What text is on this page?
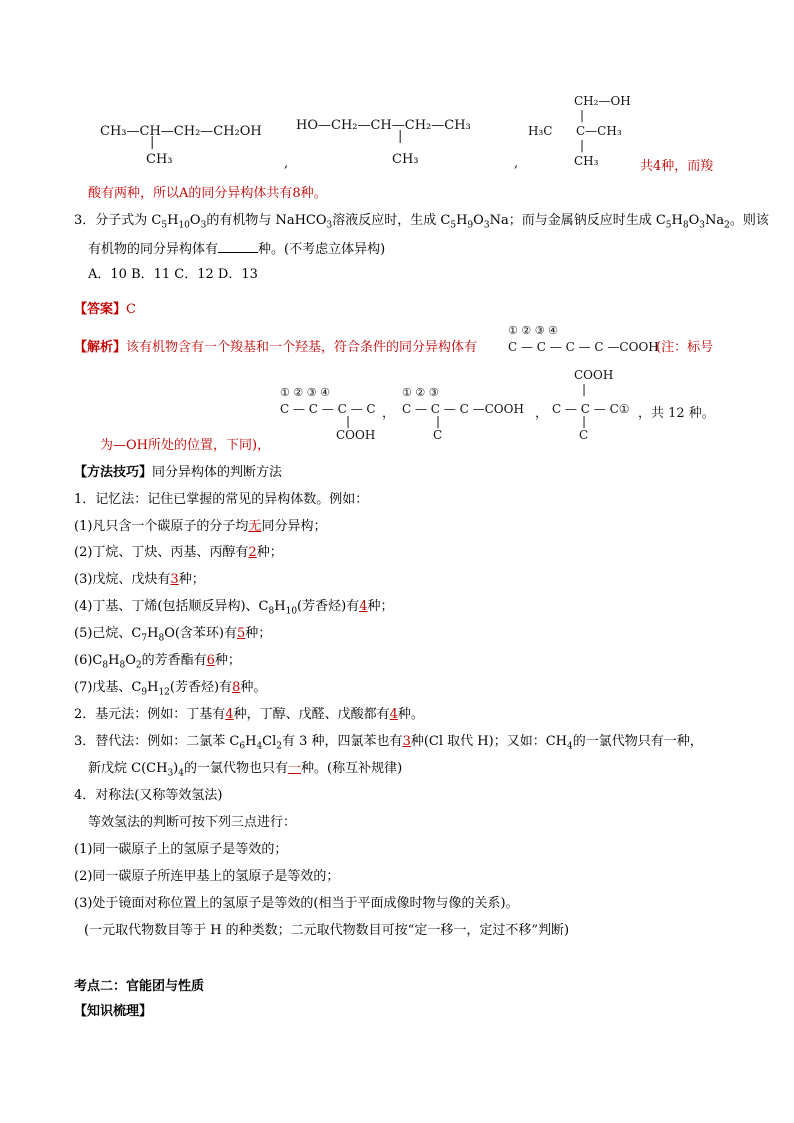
CH₃—CH—CH₂—CH₂OH
|
CH₃	,
HO—CH₂—CH—CH₂—CH₃
|
CH₃	,
CH₂—OH
|
H₃C C—CH₃
|
CH₃	共4种，而羧
酸有两种，所以A的同分异构体共有8种。
3．分子式为 $C_5H_{10}O_3$的有机物与 NaHCO$_3$溶液反应时，生成 $C_5H_9O_3Na$；而与金属钠反应时生成 $C_5H_8O_3Na_2$。则该
有机物的同分异构体有	种。(不考虑立体异构)
A．10 B．11 C．12 D．13
【答案】C
【解析】该有机物含有一个羧基和一个羟基，符合条件的同分异构体有
① ② ③ ④
C — C — C — C —COOH
(注：标号
① ② ③ ④
C — C — C — C
|
COOH
，
① ② ③
C — C — C —COOH
|
C
，
COOH
|
C — C — C①
|
C
，共 12 种。
为—OH所处的位置，下同)，
【方法技巧】同分异构体的判断方法
1．记忆法：记住已掌握的常见的异构体数。例如：
(1)凡只含一个碳原子的分子均无同分异构；
(2)丁烷、丁炔、丙基、丙醇有2种；
(3)戊烷、戊炔有3种；
(4)丁基、丁烯(包括顺反异构)、$C_8H_{10}$(芳香烃)有4种；
(5)己烷、$C_7H_8O$(含苯环)有5种；
$(6)C_8H_8O_2$的芳香酯有6种；
(7)戊基、$C_9H_{12}$(芳香烃)有8种。
2．基元法：例如：丁基有4种，丁醇、戊醛、戊酸都有4种。
3．替代法：例如：二氯苯 $C_6H_4Cl_2$有 3 种，四氯苯也有3种(Cl 取代 H)；又如：$CH_4$的一氯代物只有一种，
新戊烷 $C(CH_3)_4$的一氯代物也只有一种。(称互补规律)
4．对称法(又称等效氢法)
等效氢法的判断可按下列三点进行：
(1)同一碳原子上的氢原子是等效的；
(2)同一碳原子所连甲基上的氢原子是等效的；
(3)处于镜面对称位置上的氢原子是等效的(相当于平面成像时物与像的关系)。
(一元取代物数目等于 H 的种类数；二元取代物数目可按“定一移一，定过不移”判断)
考点二：官能团与性质
【知识梳理】
